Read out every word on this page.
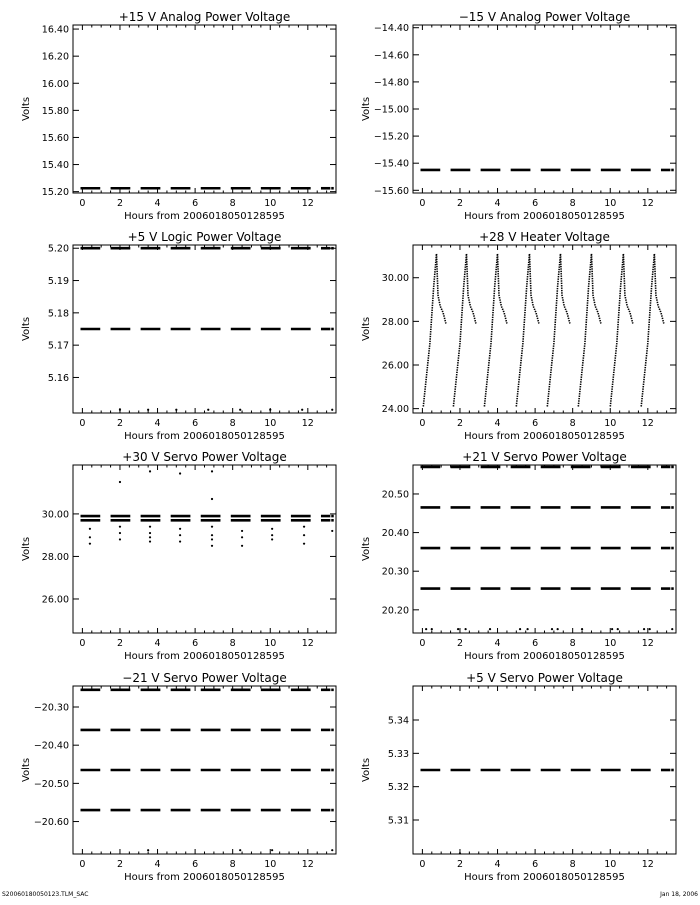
+15 V Analog Power Voltage
0	2	4	6	8	10	12
15.20
15.40
15.60
15.80
16.00
16.20
16.40
Hours from 200601805012859​5
Volts
−15 V Analog Power Voltage
0	2	4	6	8	10	12
−15.60
−15.40
−15.20
−15.00
−14.80
−14.60
−14.40
Hours from 200601805012859​5
Volts
+5 V Logic Power Voltage
0	2	4	6	8	10	12
5.16
5.17
5.18
5.19
5.20
Hours from 200601805012859​5
Volts
+28 V Heater Voltage
0	2	4	6	8	10	12
24.00
26.00
28.00
30.00
Hours from 200601805012859​5
Volts
+30 V Servo Power Voltage
0	2	4	6	8	10	12
26.00
28.00
30.00
Hours from 200601805012859​5
Volts
+21 V Servo Power Voltage
0	2	4	6	8	10	12
20.20
20.30
20.40
20.50
Hours from 200601805012859​5
Volts
−21 V Servo Power Voltage
0	2	4	6	8	10	12
−20.60
−20.50
−20.40
−20.30
Hours from 200601805012859​5
Volts
+5 V Servo Power Voltage
0	2	4	6	8	10	12
5.31
5.32
5.33
5.34
Hours from 200601805012859​5
Volts
S20060180050123.TLM_SAC	Jan 18, 2006
